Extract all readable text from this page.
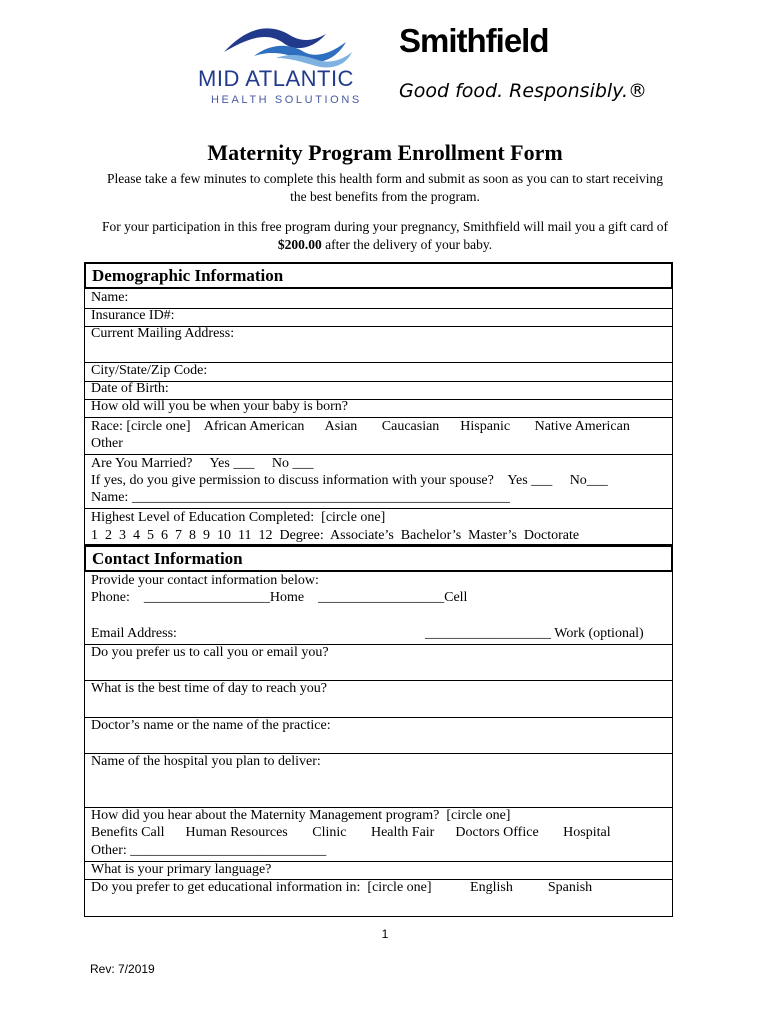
MID ATLANTIC
HEALTH SOLUTIONS
Smithfield
Good food. Responsibly.®
Maternity Program Enrollment Form
Please take a few minutes to complete this health form and submit as soon as you can to start receiving
the best benefits from the program.
For your participation in this free program during your pregnancy, Smithfield will mail you a gift card of
$200.00 after the delivery of your baby.
Demographic Information
Name:
Insurance ID#:
Current Mailing Address:
City/State/Zip Code:
Date of Birth:
How old will you be when your baby is born?
Race: [circle one]    African American      Asian       Caucasian      Hispanic       Native American
Other
Are You Married?     Yes ___     No ___
If yes, do you give permission to discuss information with your spouse?    Yes ___     No___
Name: ______________________________________________________
Highest Level of Education Completed:  [circle one]
1  2  3  4  5  6  7  8  9  10  11  12  Degree:  Associate’s  Bachelor’s  Master’s  Doctorate
Contact Information
Provide your contact information below:
Phone:    __________________Home    __________________Cell
Email Address:	__________________ Work (optional)
Do you prefer us to call you or email you?
What is the best time of day to reach you?
Doctor’s name or the name of the practice:
Name of the hospital you plan to deliver:
How did you hear about the Maternity Management program?  [circle one]
Benefits Call      Human Resources       Clinic       Health Fair      Doctors Office       Hospital
Other: ____________________________
What is your primary language?
Do you prefer to get educational information in:  [circle one]           English          Spanish
1
Rev: 7/2019
